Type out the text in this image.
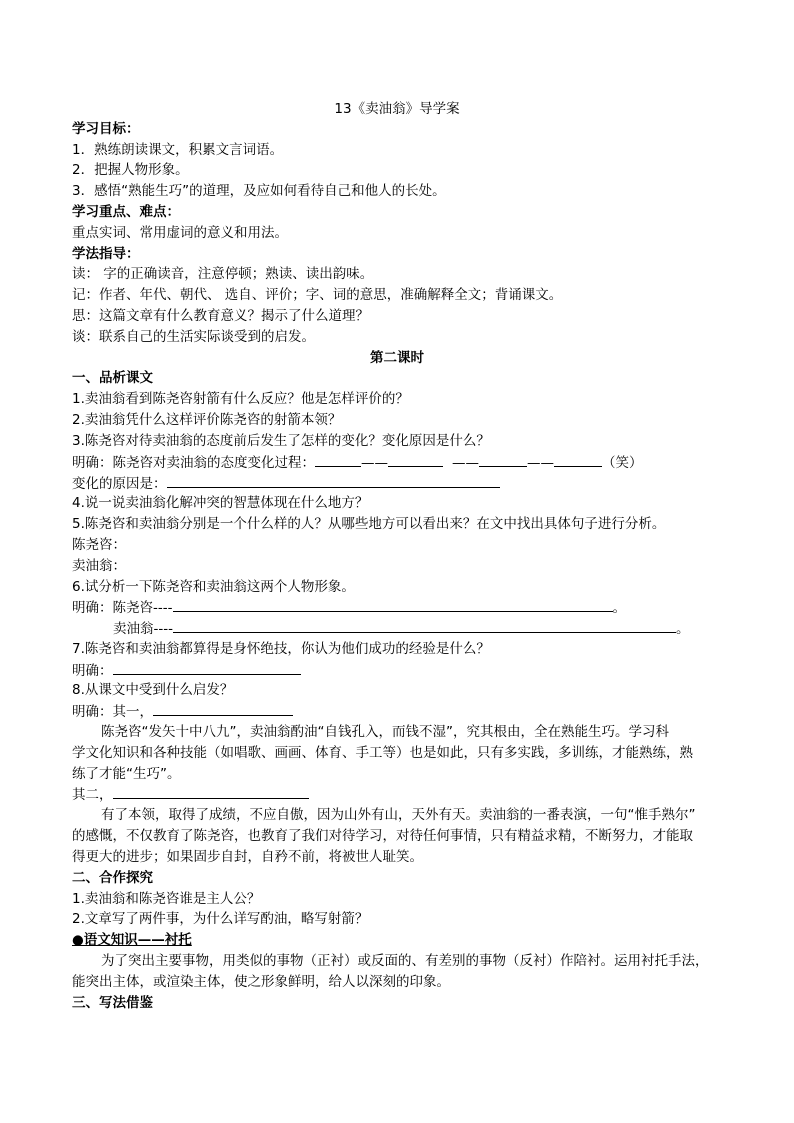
13《卖油翁》导学案
学习目标：
1．熟练朗读课文，积累文言词语。
2．把握人物形象。
3．感悟“熟能生巧”的道理，及应如何看待自己和他人的长处。
学习重点、难点：
重点实词、常用虚词的意义和用法。
学法指导：
读： 字的正确读音，注意停顿；熟读、读出韵味。
记：作者、年代、朝代、 选自、评价；字、词的意思，准确解释全文；背诵课文。
思：这篇文章有什么教育意义？揭示了什么道理？
谈：联系自己的生活实际谈受到的启发。
第二课时
一、品析课文
1.卖油翁看到陈尧咨射箭有什么反应？他是怎样评价的？
2.卖油翁凭什么这样评价陈尧咨的射箭本领？
3.陈尧咨对待卖油翁的态度前后发生了怎样的变化？变化原因是什么？
明确：陈尧咨对卖油翁的态度变化过程：	——	——	——	（笑）
变化的原因是：
4.说一说卖油翁化解冲突的智慧体现在什么地方？
5.陈尧咨和卖油翁分别是一个什么样的人？从哪些地方可以看出来？在文中找出具体句子进行分析。
陈尧咨：
卖油翁：
6.试分析一下陈尧咨和卖油翁这两个人物形象。
明确：陈尧咨----	。
卖油翁----	。
7.陈尧咨和卖油翁都算得是身怀绝技，你认为他们成功的经验是什么？
明确：
8.从课文中受到什么启发？
明确：其一，
陈尧咨“发矢十中八九”，卖油翁酌油“自钱孔入，而钱不湿”，究其根由，全在熟能生巧。学习科
学文化知识和各种技能（如唱歌、画画、体育、手工等）也是如此，只有多实践，多训练，才能熟练，熟
练了才能“生巧”。
其二，
有了本领，取得了成绩，不应自傲，因为山外有山，天外有天。卖油翁的一番表演，一句“惟手熟尔”
的感慨，不仅教育了陈尧咨，也教育了我们对待学习，对待任何事情，只有精益求精，不断努力，才能取
得更大的进步；如果固步自封，自矜不前，将被世人耻笑。
二、合作探究
1.卖油翁和陈尧咨谁是主人公？
2.文章写了两件事，为什么详写酌油，略写射箭？
●语文知识——衬托
为了突出主要事物，用类似的事物（正衬）或反面的、有差别的事物（反衬）作陪衬。运用衬托手法，
能突出主体，或渲染主体，使之形象鲜明，给人以深刻的印象。
三、写法借鉴
